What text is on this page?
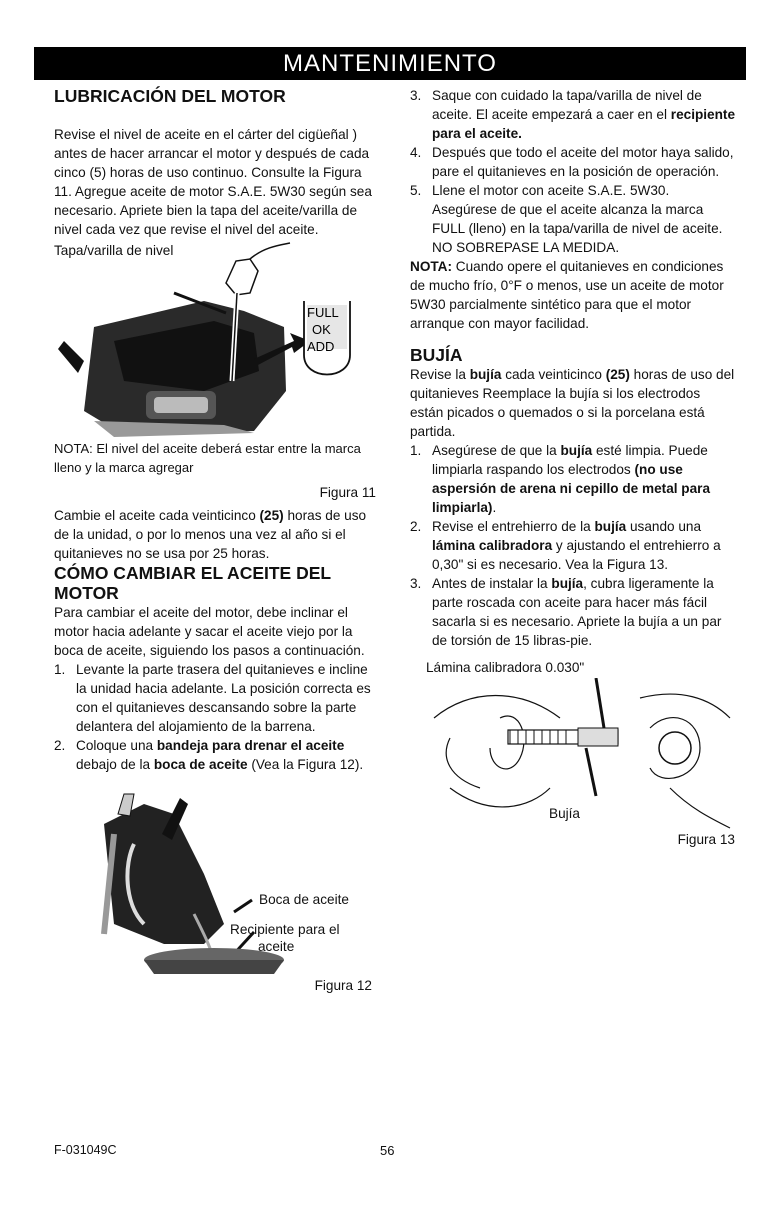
MANTENIMIENTO
LUBRICACIÓN DEL MOTOR

Revise el nivel de aceite en el cárter del cigüeñal ) antes de hacer arrancar el motor y después de cada cinco (5) horas de uso continuo. Consulte la Figura 11. Agregue aceite de motor S.A.E. 5W30 según sea necesario. Apriete bien la tapa del aceite/varilla de nivel cada vez que revise el nivel del aceite.

Tapa/varilla de nivel
FULL
OK
ADD

NOTA: El nivel del aceite deberá estar entre la marca lleno y la marca agregar

Figura 11

Cambie el aceite cada veinticinco (25) horas de uso de la unidad, o por lo menos una vez al año si el quitanieves no se usa por 25 horas.

CÓMO CAMBIAR EL ACEITE DEL MOTOR

Para cambiar el aceite del motor, debe inclinar el motor hacia adelante y sacar el aceite viejo por la boca de aceite, siguiendo los pasos a continuación.

1. Levante la parte trasera del quitanieves e incline la unidad hacia adelante. La posición correcta es con el quitanieves descansando sobre la parte delantera del alojamiento de la barrena.
2. Coloque una bandeja para drenar el aceite debajo de la boca de aceite (Vea la Figura 12).
Boca de aceite
Recipiente para el
aceite

Figura 12

3. Saque con cuidado la tapa/varilla de nivel de aceite. El aceite empezará a caer en el recipiente para el aceite.
4. Después que todo el aceite del motor haya salido, pare el quitanieves en la posición de operación.
5. Llene el motor con aceite S.A.E. 5W30. Asegúrese de que el aceite alcanza la marca FULL (lleno) en la tapa/varilla de nivel de aceite. NO SOBREPASE LA MEDIDA.

NOTA: Cuando opere el quitanieves en condiciones de mucho frío, 0°F o menos, use un aceite de motor 5W30 parcialmente sintético para que el motor arranque con mayor facilidad.

BUJÍA

Revise la bujía cada veinticinco (25) horas de uso del quitanieves Reemplace la bujía si los electrodos están picados o quemados o si la porcelana está partida.

1. Asegúrese de que la bujía esté limpia. Puede limpiarla raspando los electrodos (no use aspersión de arena ni cepillo de metal para limpiarla).
2. Revise el entrehierro de la bujía usando una lámina calibradora y ajustando el entrehierro a 0,30" si es necesario. Vea la Figura 13.
3. Antes de instalar la bujía, cubra ligeramente la parte roscada con aceite para hacer más fácil sacarla si es necesario. Apriete la bujía a un par de torsión de 15 libras-pie.
Lámina calibradora 0.030"
Bujía
Figura 13
F-031049C	56
